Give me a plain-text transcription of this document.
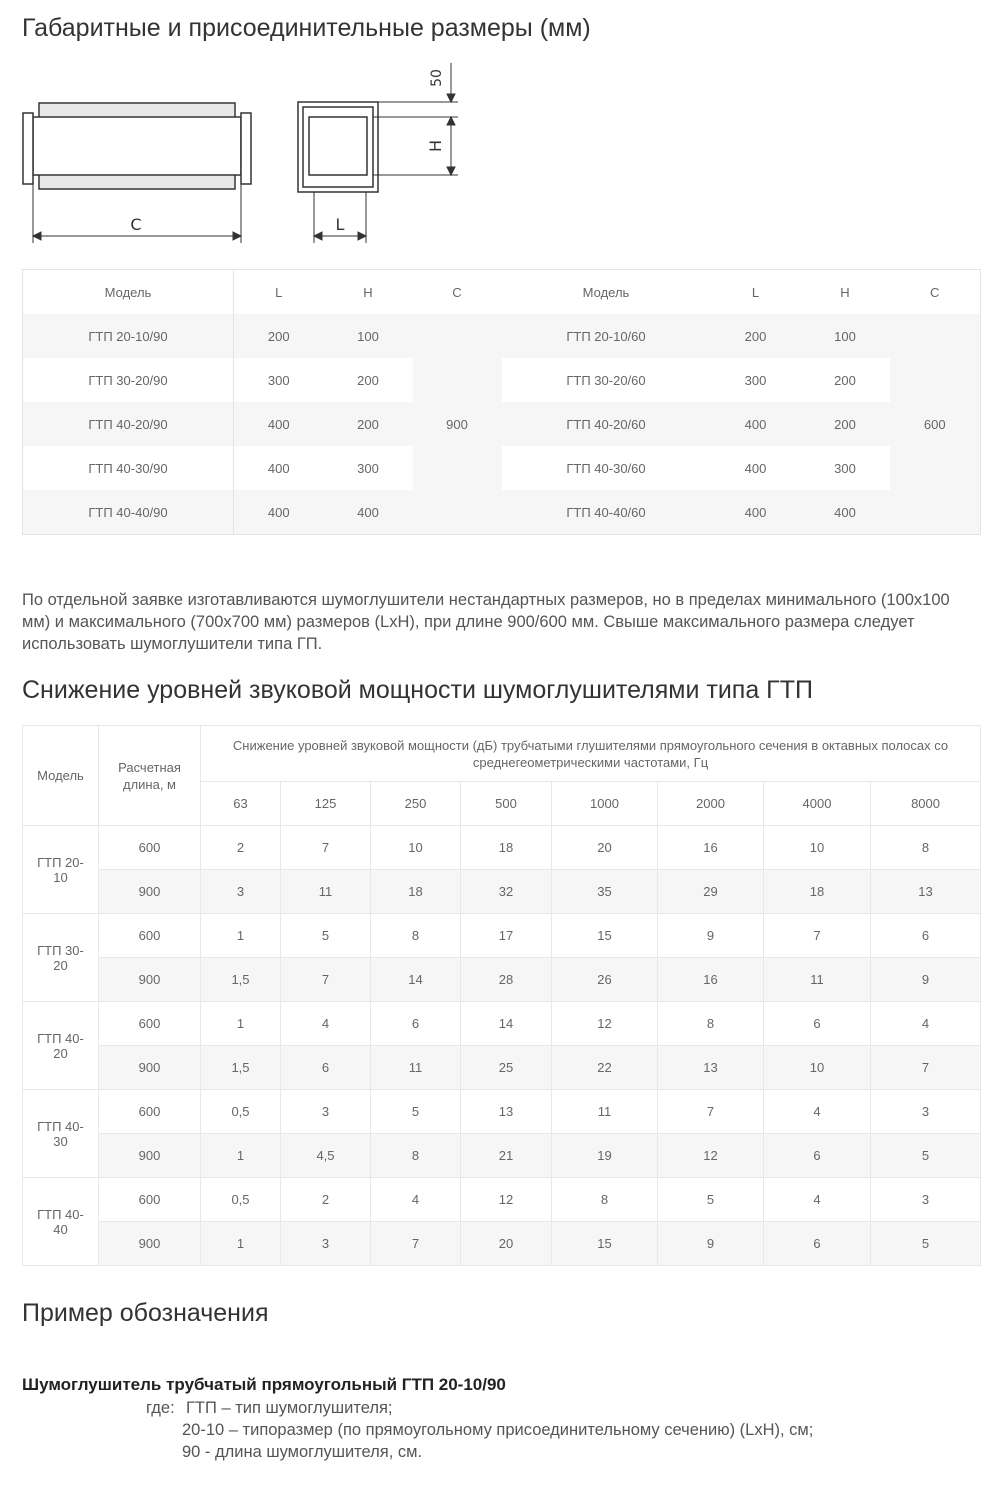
Габаритные и присоединительные размеры (мм)
C	L
H
50
Модель	L	H	C	Модель	L	H	C
ГТП 20-10/90	200	100	900	ГТП 20-10/60	200	100	600
ГТП 30-20/90	300	200		ГТП 30-20/60	300	200	
ГТП 40-20/90	400	200		ГТП 40-20/60	400	200	
ГТП 40-30/90	400	300		ГТП 40-30/60	400	300	
ГТП 40-40/90	400	400		ГТП 40-40/60	400	400	

По отдельной заявке изготавливаются шумоглушители нестандартных размеров, но в пределах минимального (100х100 мм) и максимального (700х700 мм) размеров (LxH), при длине 900/600 мм. Свыше максимального размера следует использовать шумоглушители типа ГП.

Снижение уровней звуковой мощности шумоглушителями типа ГТП
Модель	Расчетная длина, м	Снижение уровней звуковой мощности (дБ) трубчатыми глушителями прямоугольного сечения в октавных полосах со среднегеометрическими частотами, Гц							
		63	125	250	500	1000	2000	4000	8000
ГТП 20-10	600	2	7	10	18	20	16	10	8
	900	3	11	18	32	35	29	18	13
ГТП 30-20	600	1	5	8	17	15	9	7	6
	900	1,5	7	14	28	26	16	11	9
ГТП 40-20	600	1	4	6	14	12	8	6	4
	900	1,5	6	11	25	22	13	10	7
ГТП 40-30	600	0,5	3	5	13	11	7	4	3
	900	1	4,5	8	21	19	12	6	5
ГТП 40-40	600	0,5	2	4	12	8	5	4	3
	900	1	3	7	20	15	9	6	5
Пример обозначения

Шумоглушитель трубчатый прямоугольный ГТП 20-10/90

где: ГТП – тип шумоглушителя;

20-10 – типоразмер (по прямоугольному присоединительному сечению) (LxH), см;

90 - длина шумоглушителя, см.
